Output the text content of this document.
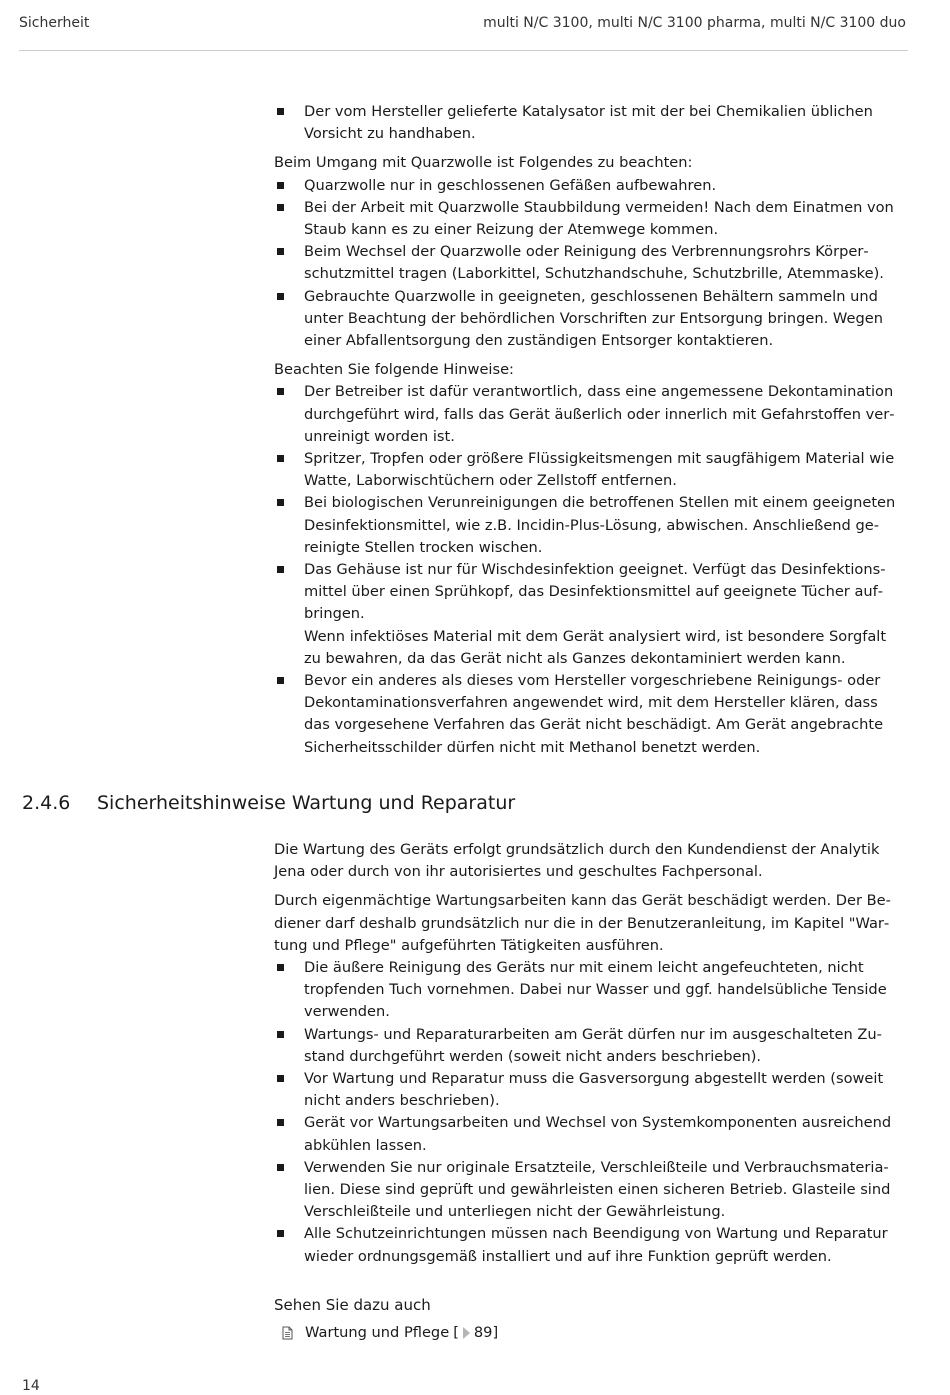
Sicherheit	multi N/C 3100, multi N/C 3100 pharma, multi N/C 3100 duo
Der vom Hersteller gelieferte Katalysator ist mit der bei Chemikalien üblichen Vorsicht zu handhaben.

Beim Umgang mit Quarzwolle ist Folgendes zu beachten:

Quarzwolle nur in geschlossenen Gefäßen aufbewahren.
Bei der Arbeit mit Quarzwolle Staubbildung vermeiden! Nach dem Einatmen von Staub kann es zu einer Reizung der Atemwege kommen.
Beim Wechsel der Quarzwolle oder Reinigung des Verbrennungsrohrs Körperschutzmittel tragen (Laborkittel, Schutzhandschuhe, Schutzbrille, Atemmaske).
Gebrauchte Quarzwolle in geeigneten, geschlossenen Behältern sammeln und unter Beachtung der behördlichen Vorschriften zur Entsorgung bringen. Wegen einer Abfallentsorgung den zuständigen Entsorger kontaktieren.

Beachten Sie folgende Hinweise:

Der Betreiber ist dafür verantwortlich, dass eine angemessene Dekontamination durchgeführt wird, falls das Gerät äußerlich oder innerlich mit Gefahrstoffen verunreinigt worden ist.
Spritzer, Tropfen oder größere Flüssigkeitsmengen mit saugfähigem Material wie Watte, Laborwischtüchern oder Zellstoff entfernen.
Bei biologischen Verunreinigungen die betroffenen Stellen mit einem geeigneten Desinfektionsmittel, wie z.B. Incidin-Plus-Lösung, abwischen. Anschließend gereinigte Stellen trocken wischen.
Das Gehäuse ist nur für Wischdesinfektion geeignet. Verfügt das Desinfektionsmittel über einen Sprühkopf, das Desinfektionsmittel auf geeignete Tücher aufbringen.
Wenn infektiöses Material mit dem Gerät analysiert wird, ist besondere Sorgfalt zu bewahren, da das Gerät nicht als Ganzes dekontaminiert werden kann.
Bevor ein anderes als dieses vom Hersteller vorgeschriebene Reinigungs- oder Dekontaminationsverfahren angewendet wird, mit dem Hersteller klären, dass das vorgesehene Verfahren das Gerät nicht beschädigt. Am Gerät angebrachte Sicherheitsschilder dürfen nicht mit Methanol benetzt werden.
2.4.6 Sicherheitshinweise Wartung und Reparatur

Die Wartung des Geräts erfolgt grundsätzlich durch den Kundendienst der Analytik Jena oder durch von ihr autorisiertes und geschultes Fachpersonal.

Durch eigenmächtige Wartungsarbeiten kann das Gerät beschädigt werden. Der Bediener darf deshalb grundsätzlich nur die in der Benutzeranleitung, im Kapitel "Wartung und Pflege" aufgeführten Tätigkeiten ausführen.

Die äußere Reinigung des Geräts nur mit einem leicht angefeuchteten, nicht tropfenden Tuch vornehmen. Dabei nur Wasser und ggf. handelsübliche Tenside verwenden.
Wartungs- und Reparaturarbeiten am Gerät dürfen nur im ausgeschalteten Zustand durchgeführt werden (soweit nicht anders beschrieben).
Vor Wartung und Reparatur muss die Gasversorgung abgestellt werden (soweit nicht anders beschrieben).
Gerät vor Wartungsarbeiten und Wechsel von Systemkomponenten ausreichend abkühlen lassen.
Verwenden Sie nur originale Ersatzteile, Verschleißteile und Verbrauchsmaterialien. Diese sind geprüft und gewährleisten einen sicheren Betrieb. Glasteile sind Verschleißteile und unterliegen nicht der Gewährleistung.
Alle Schutzeinrichtungen müssen nach Beendigung von Wartung und Reparatur wieder ordnungsgemäß installiert und auf ihre Funktion geprüft werden.
Sehen Sie dazu auch
Wartung und Pflege [ 89 ]
14
